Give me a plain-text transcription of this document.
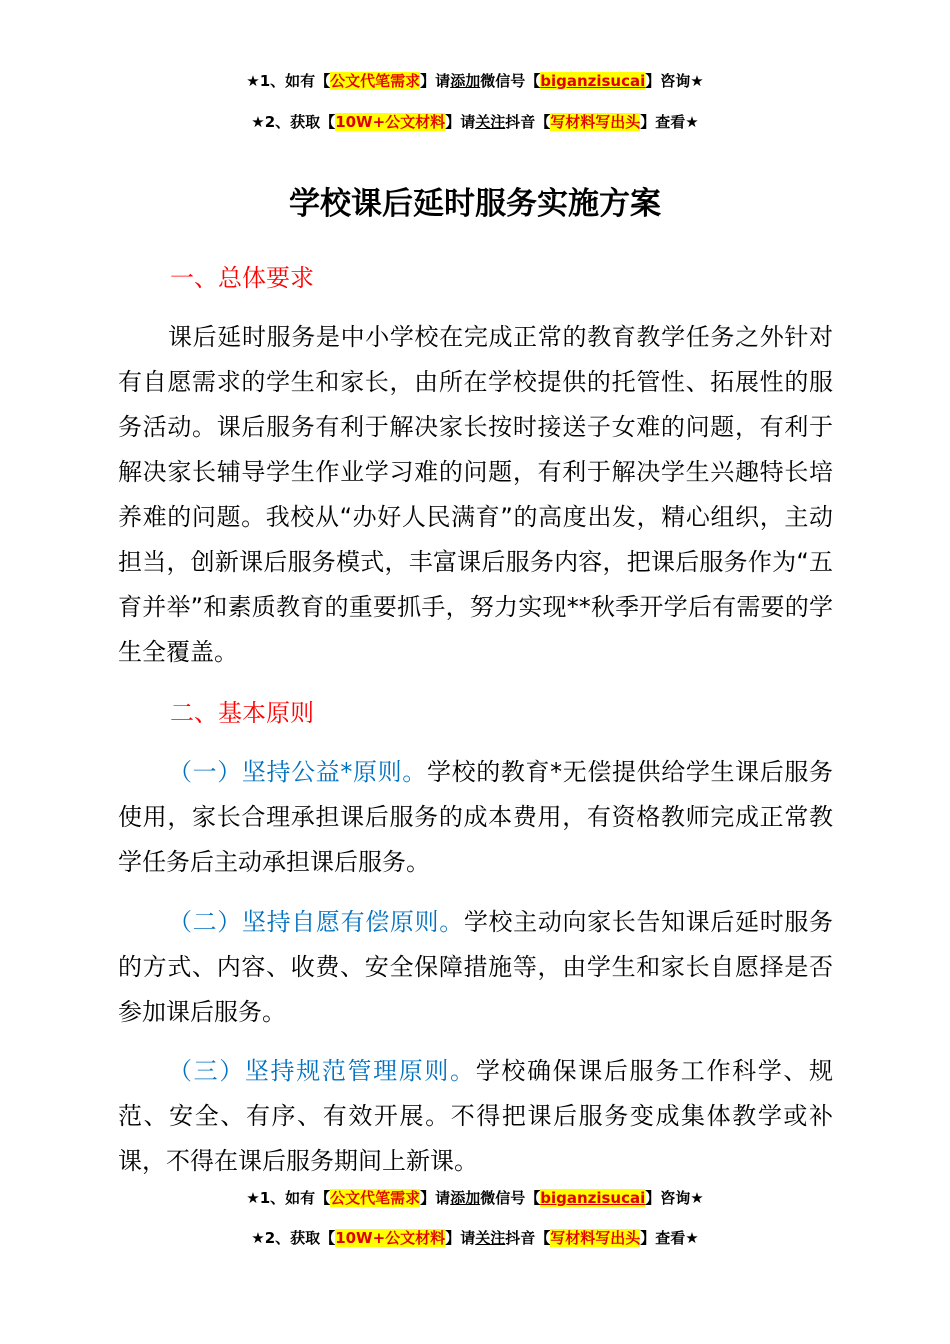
★1、如有【公文代笔需求】请添加微信号【biganzisucai】咨询★
★2、获取【10W+公文材料】请关注抖音【写材料写出头】查看★
学校课后延时服务实施方案
一、总体要求
课后延时服务是中小学校在完成正常的教育教学任务之外针对有自愿需求的学生和家长，由所在学校提供的托管性、拓展性的服务活动。课后服务有利于解决家长按时接送子女难的问题，有利于解决家长辅导学生作业学习难的问题，有利于解决学生兴趣特长培养难的问题。我校从“办好人民满育”的高度出发，精心组织，主动担当，创新课后服务模式，丰富课后服务内容，把课后服务作为“五育并举”和素质教育的重要抓手，努力实现**秋季开学后有需要的学生全覆盖。
二、基本原则
（一）坚持公益*原则。学校的教育*无偿提供给学生课后服务使用，家长合理承担课后服务的成本费用，有资格教师完成正常教学任务后主动承担课后服务。
（二）坚持自愿有偿原则。学校主动向家长告知课后延时服务的方式、内容、收费、安全保障措施等，由学生和家长自愿择是否参加课后服务。
（三）坚持规范管理原则。学校确保课后服务工作科学、规范、安全、有序、有效开展。不得把课后服务变成集体教学或补课，不得在课后服务期间上新课。
★1、如有【公文代笔需求】请添加微信号【biganzisucai】咨询★
★2、获取【10W+公文材料】请关注抖音【写材料写出头】查看★
